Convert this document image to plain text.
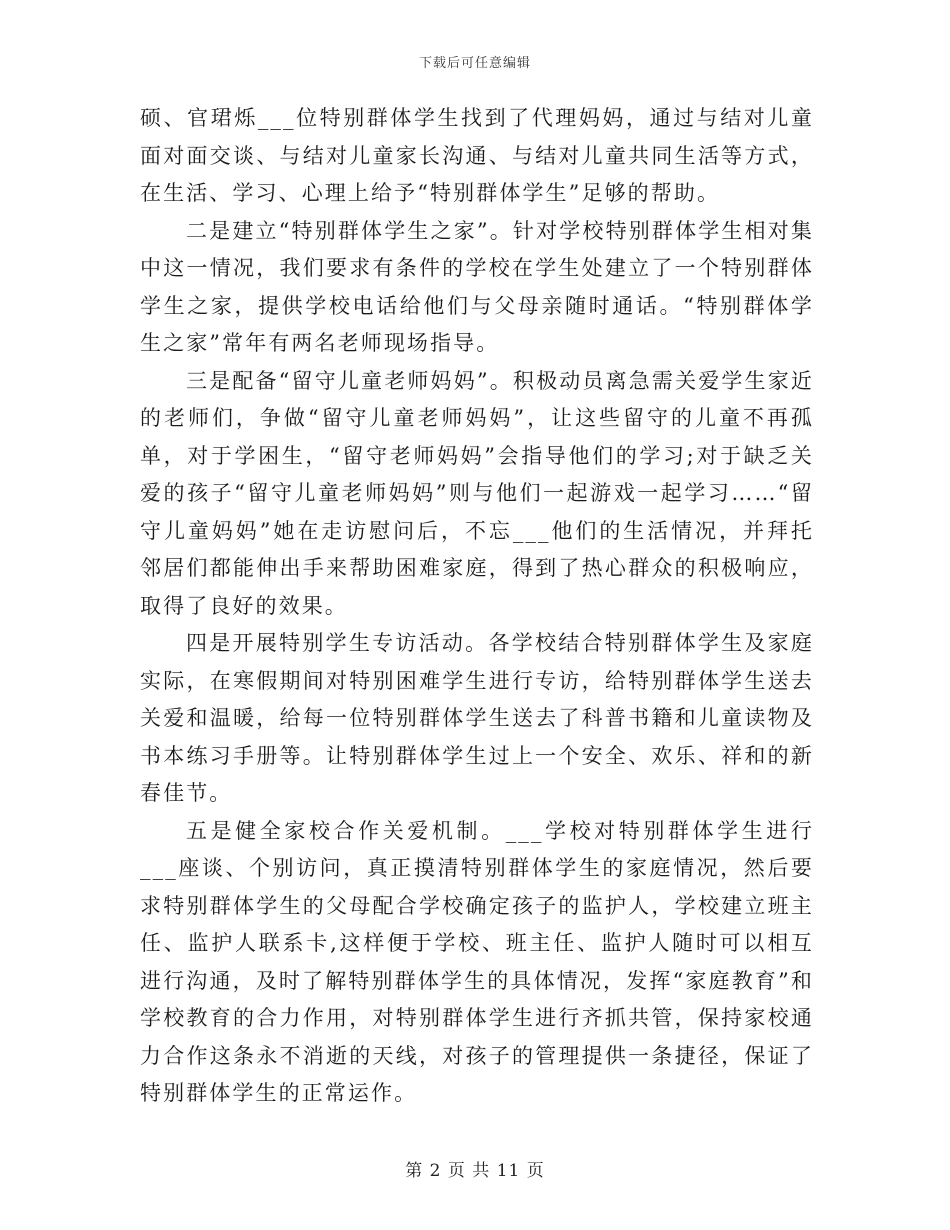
下载后可任意编辑

硕、官珺烁___位特别群体学生找到了代理妈妈，通过与结对儿童面对面交谈、与结对儿童家长沟通、与结对儿童共同生活等方式，在生活、学习、心理上给予“特别群体学生”足够的帮助。

二是建立“特别群体学生之家”。针对学校特别群体学生相对集中这一情况，我们要求有条件的学校在学生处建立了一个特别群体学生之家，提供学校电话给他们与父母亲随时通话。“特别群体学生之家”常年有两名老师现场指导。

三是配备“留守儿童老师妈妈”。积极动员离急需关爱学生家近的老师们，争做“留守儿童老师妈妈”，让这些留守的儿童不再孤单，对于学困生，“留守老师妈妈”会指导他们的学习;对于缺乏关爱的孩子“留守儿童老师妈妈”则与他们一起游戏一起学习……“留守儿童妈妈”她在走访慰问后，不忘___他们的生活情况，并拜托邻居们都能伸出手来帮助困难家庭，得到了热心群众的积极响应，取得了良好的效果。

四是开展特别学生专访活动。各学校结合特别群体学生及家庭实际，在寒假期间对特别困难学生进行专访，给特别群体学生送去关爱和温暖，给每一位特别群体学生送去了科普书籍和儿童读物及书本练习手册等。让特别群体学生过上一个安全、欢乐、祥和的新春佳节。

五是健全家校合作关爱机制。___学校对特别群体学生进行___座谈、个别访问，真正摸清特别群体学生的家庭情况，然后要求特别群体学生的父母配合学校确定孩子的监护人，学校建立班主任、监护人联系卡,这样便于学校、班主任、监护人随时可以相互进行沟通，及时了解特别群体学生的具体情况，发挥“家庭教育”和学校教育的合力作用，对特别群体学生进行齐抓共管，保持家校通力合作这条永不消逝的天线，对孩子的管理提供一条捷径，保证了特别群体学生的正常运作。

第 2 页 共 11 页
